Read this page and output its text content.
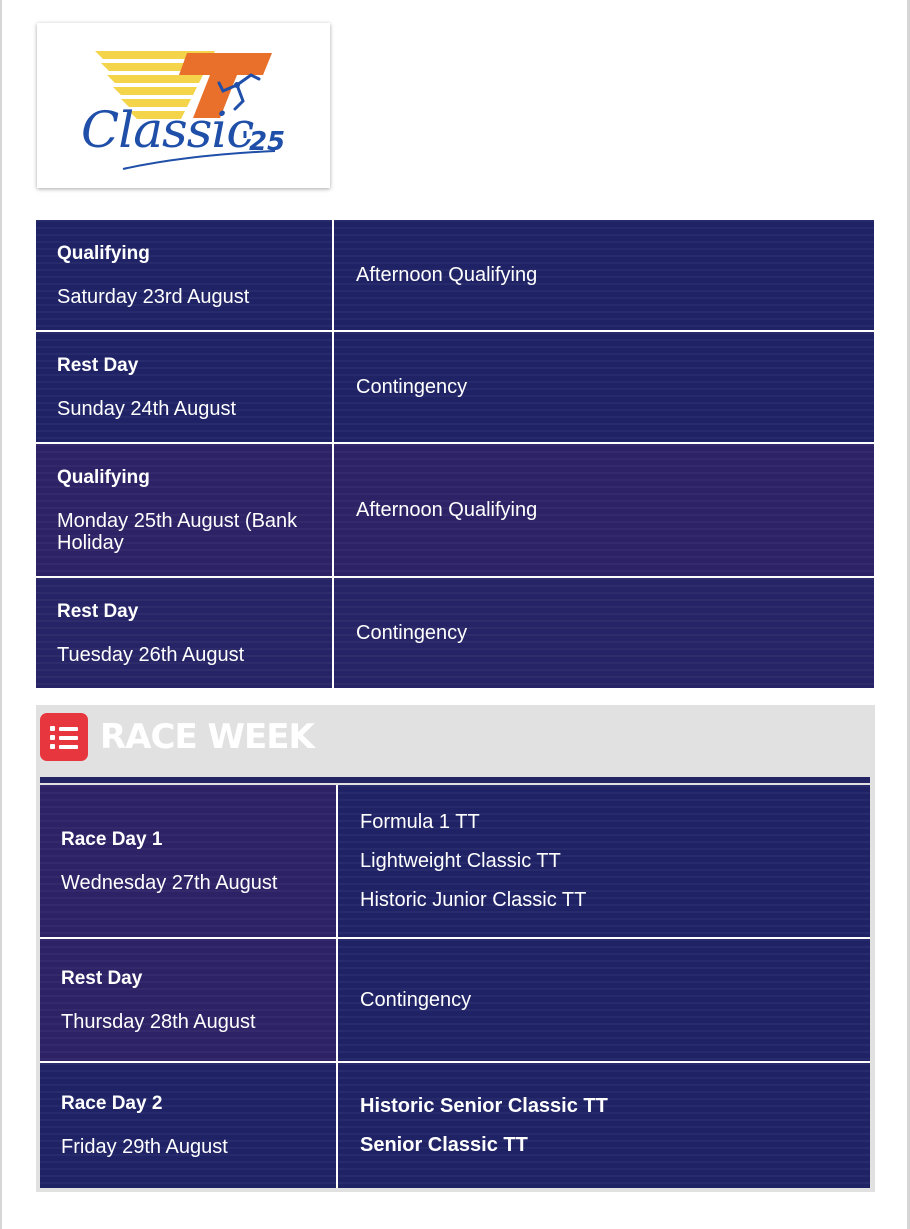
Classic
'25
Qualifying
Saturday 23rd August
Afternoon Qualifying
Rest Day
Sunday 24th August
Contingency
Qualifying
Monday 25th August (Bank Holiday
Afternoon Qualifying
Rest Day
Tuesday 26th August
Contingency
RACE WEEK
Race Day 1
Wednesday 27th August
Formula 1 TT
Lightweight Classic TT
Historic Junior Classic TT
Rest Day
Thursday 28th August
Contingency
Race Day 2
Friday 29th August
Historic Senior Classic TT
Senior Classic TT
